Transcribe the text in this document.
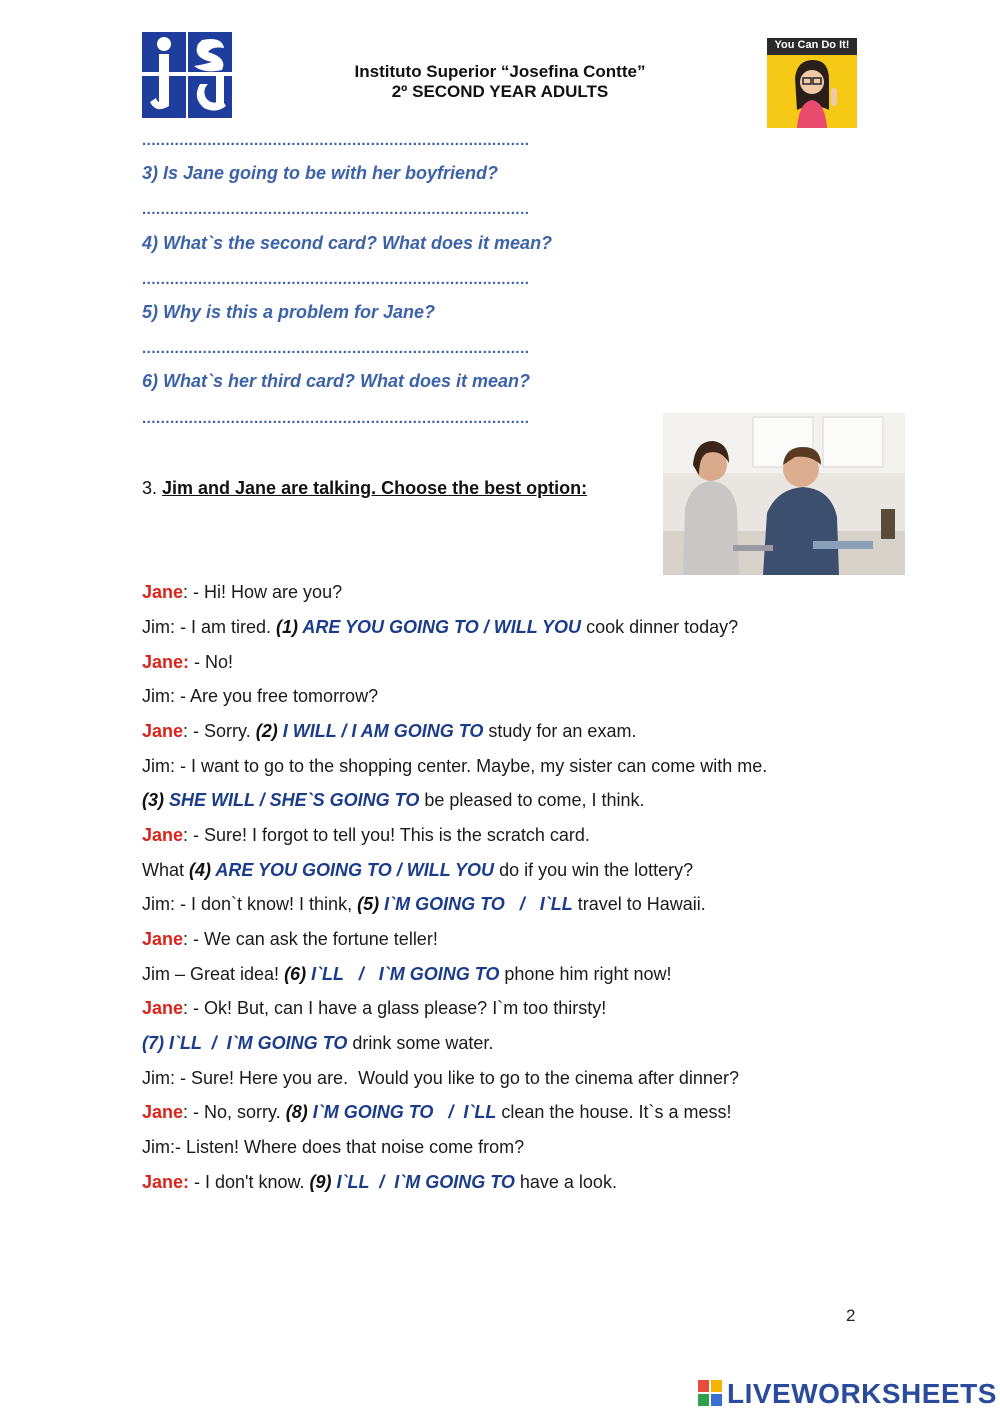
Instituto Superior “Josefina Contte”
2º SECOND YEAR ADULTS
You Can Do It!
...................................................................................
3) Is Jane going to be with her boyfriend?
...................................................................................
4) What`s the second card? What does it mean?
...................................................................................
5) Why is this a problem for Jane?
...................................................................................
6) What`s her third card? What does it mean?
...................................................................................
3. Jim and Jane are talking. Choose the best option:
Jane: - Hi! How are you?
Jim: - I am tired. (1) ARE YOU GOING TO / WILL YOU cook dinner today?
Jane: - No!
Jim: - Are you free tomorrow?
Jane: - Sorry. (2) I WILL / I AM GOING TO study for an exam.
Jim: - I want to go to the shopping center. Maybe, my sister can come with me.
(3) SHE WILL / SHE`S GOING TO be pleased to come, I think.
Jane: - Sure! I forgot to tell you! This is the scratch card.
What (4) ARE YOU GOING TO / WILL YOU do if you win the lottery?
Jim: - I don`t know! I think, (5) I`M GOING TO   /   I`LL travel to Hawaii.
Jane: - We can ask the fortune teller!
Jim – Great idea! (6) I`LL   /   I`M GOING TO phone him right now!
Jane: - Ok! But, can I have a glass please? I`m too thirsty!
(7) I`LL  /  I`M GOING TO drink some water.
Jim: - Sure! Here you are.  Would you like to go to the cinema after dinner?
Jane: - No, sorry. (8) I`M GOING TO   /  I`LL clean the house. It`s a mess!
Jim:- Listen! Where does that noise come from?
Jane: - I don't know. (9) I`LL  /  I`M GOING TO have a look.
2
LIVEWORKSHEETS
